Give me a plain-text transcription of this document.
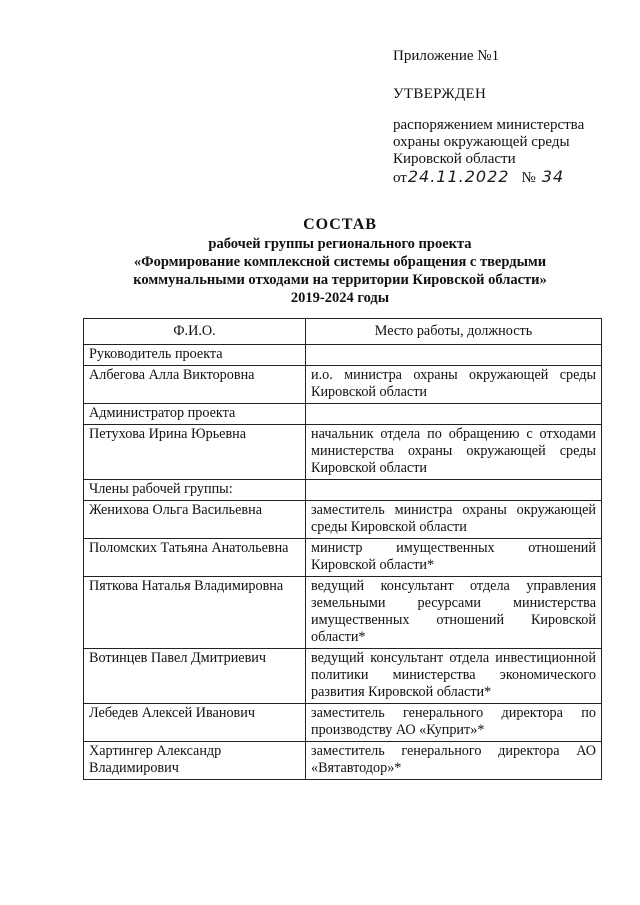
Приложение №1
УТВЕРЖДЕН
распоряжением министерства
охраны окружающей среды
Кировской области
от 24.11.2022 № 34
СОСТАВ
рабочей группы регионального проекта
«Формирование комплексной системы обращения с твердыми
коммунальными отходами на территории Кировской области»
2019-2024 годы
Ф.И.О.	Место работы, должность
Руководитель проекта	
Албегова Алла Викторовна	и.о. министра охраны окружающей среды Кировской области
Администратор проекта	
Петухова Ирина Юрьевна	начальник отдела по обращению с отходами министерства охраны окружающей среды Кировской области
Члены рабочей группы:	
Женихова Ольга Васильевна	заместитель министра охраны окружающей среды Кировской области
Поломских Татьяна Анатольевна	министр имущественных отношений Кировской области*
Пяткова Наталья Владимировна	ведущий консультант отдела управления земельными ресурсами министерства имущественных отношений Кировской области*
Вотинцев Павел Дмитриевич	ведущий консультант отдела инвестиционной политики министерства экономического развития Кировской области*
Лебедев Алексей Иванович	заместитель генерального директора по производству АО «Куприт»*
Хартингер Александр Владимирович	заместитель генерального директора АО «Вятавтодор»*
